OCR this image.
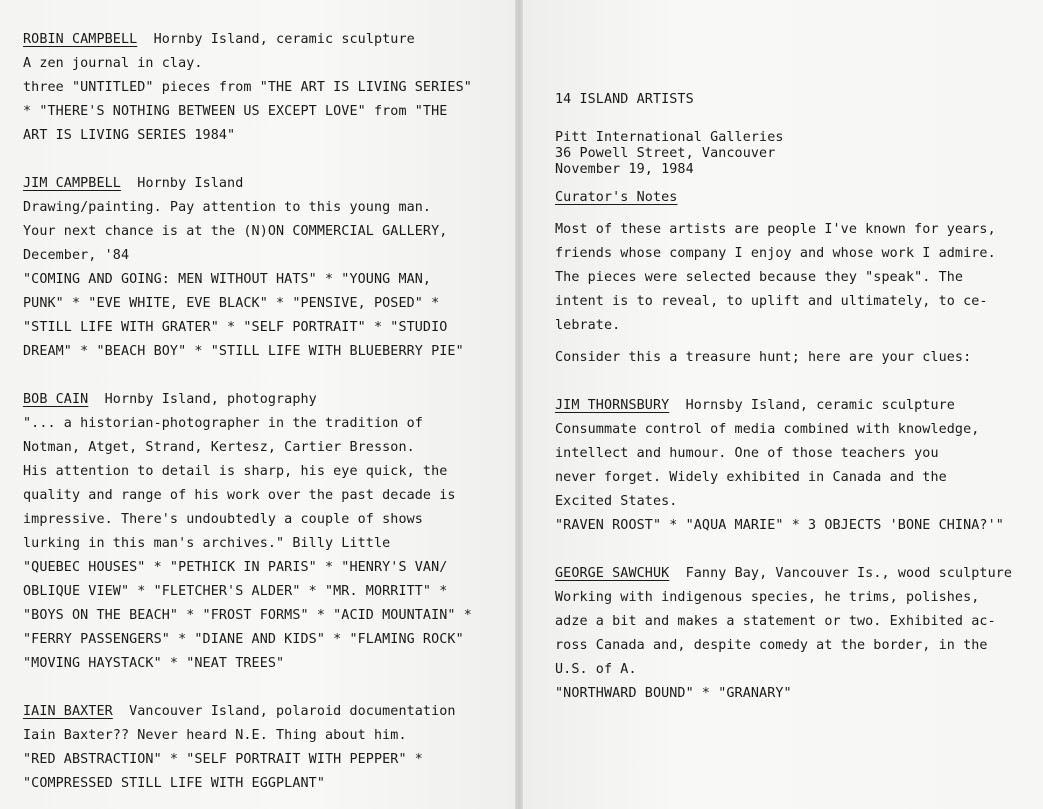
ROBIN CAMPBELL Hornby Island, ceramic sculpture
A zen journal in clay.
three "UNTITLED" pieces from "THE ART IS LIVING SERIES"
* "THERE'S NOTHING BETWEEN US EXCEPT LOVE" from "THE
ART IS LIVING SERIES 1984"
JIM CAMPBELL Hornby Island
Drawing/painting. Pay attention to this young man.
Your next chance is at the (N)ON COMMERCIAL GALLERY,
December, '84
"COMING AND GOING: MEN WITHOUT HATS" * "YOUNG MAN,
PUNK" * "EVE WHITE, EVE BLACK" * "PENSIVE, POSED" *
"STILL LIFE WITH GRATER" * "SELF PORTRAIT" * "STUDIO
DREAM" * "BEACH BOY" * "STILL LIFE WITH BLUEBERRY PIE"
BOB CAIN Hornby Island, photography
"... a historian-photographer in the tradition of
Notman, Atget, Strand, Kertesz, Cartier Bresson.
His attention to detail is sharp, his eye quick, the
quality and range of his work over the past decade is
impressive. There's undoubtedly a couple of shows
lurking in this man's archives." Billy Little
"QUEBEC HOUSES" * "PETHICK IN PARIS" * "HENRY'S VAN/
OBLIQUE VIEW" * "FLETCHER'S ALDER" * "MR. MORRITT" *
"BOYS ON THE BEACH" * "FROST FORMS" * "ACID MOUNTAIN" *
"FERRY PASSENGERS" * "DIANE AND KIDS" * "FLAMING ROCK"
"MOVING HAYSTACK" * "NEAT TREES"
IAIN BAXTER Vancouver Island, polaroid documentation
Iain Baxter?? Never heard N.E. Thing about him.
"RED ABSTRACTION" * "SELF PORTRAIT WITH PEPPER" *
"COMPRESSED STILL LIFE WITH EGGPLANT"
14 ISLAND ARTISTS
Pitt International Galleries
36 Powell Street, Vancouver
November 19, 1984
Curator's Notes
Most of these artists are people I've known for years,
friends whose company I enjoy and whose work I admire.
The pieces were selected because they "speak". The
intent is to reveal, to uplift and ultimately, to ce-
lebrate.
Consider this a treasure hunt; here are your clues:
JIM THORNSBURY Hornsby Island, ceramic sculpture
Consummate control of media combined with knowledge,
intellect and humour. One of those teachers you
never forget. Widely exhibited in Canada and the
Excited States.
"RAVEN ROOST" * "AQUA MARIE" * 3 OBJECTS 'BONE CHINA?'"
GEORGE SAWCHUK Fanny Bay, Vancouver Is., wood sculpture
Working with indigenous species, he trims, polishes,
adze a bit and makes a statement or two. Exhibited ac-
ross Canada and, despite comedy at the border, in the
U.S. of A.
"NORTHWARD BOUND" * "GRANARY"
